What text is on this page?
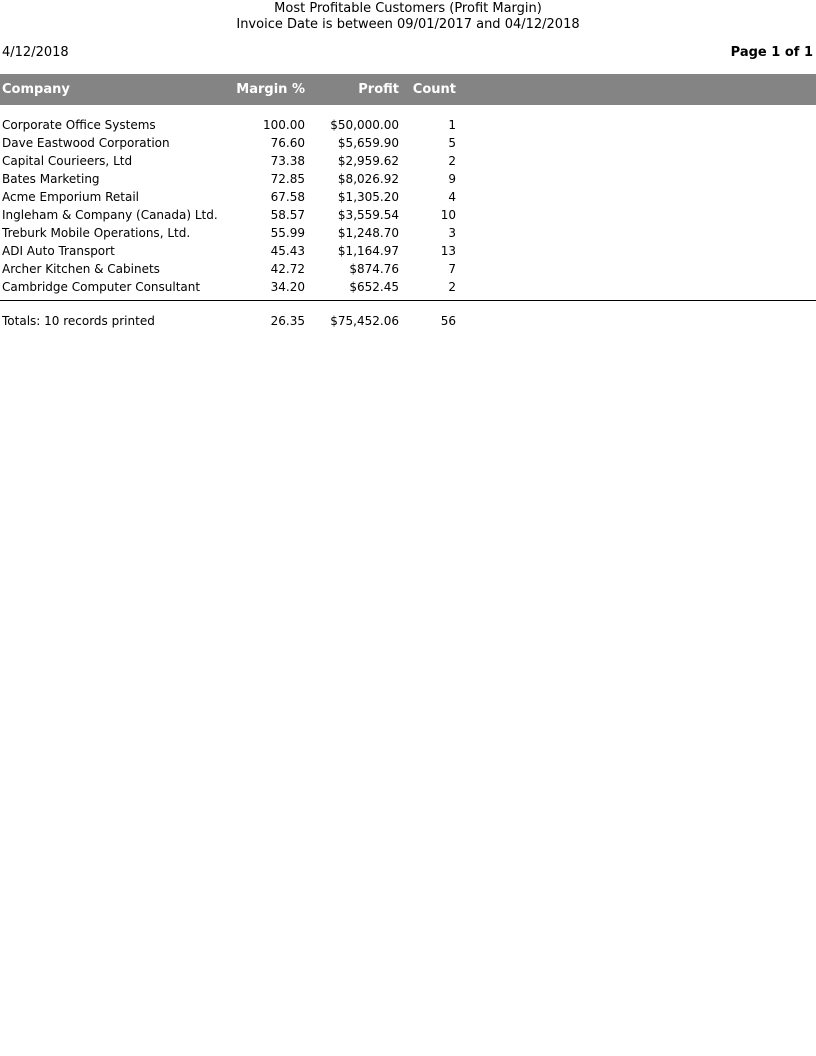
Most Profitable Customers (Profit Margin)
Invoice Date is between 09/01/2017 and 04/12/2018
4/12/2018	Page 1 of 1
Company	Margin %	Profit	Count
Corporate Office Systems	100.00	$50,000.00	1
Dave Eastwood Corporation	76.60	$5,659.90	5
Capital Courieers, Ltd	73.38	$2,959.62	2
Bates Marketing	72.85	$8,026.92	9
Acme Emporium Retail	67.58	$1,305.20	4
Ingleham & Company (Canada) Ltd.	58.57	$3,559.54	10
Treburk Mobile Operations, Ltd.	55.99	$1,248.70	3
ADI Auto Transport	45.43	$1,164.97	13
Archer Kitchen & Cabinets	42.72	$874.76	7
Cambridge Computer Consultant	34.20	$652.45	2
Totals: 10 records printed	26.35	$75,452.06	56
